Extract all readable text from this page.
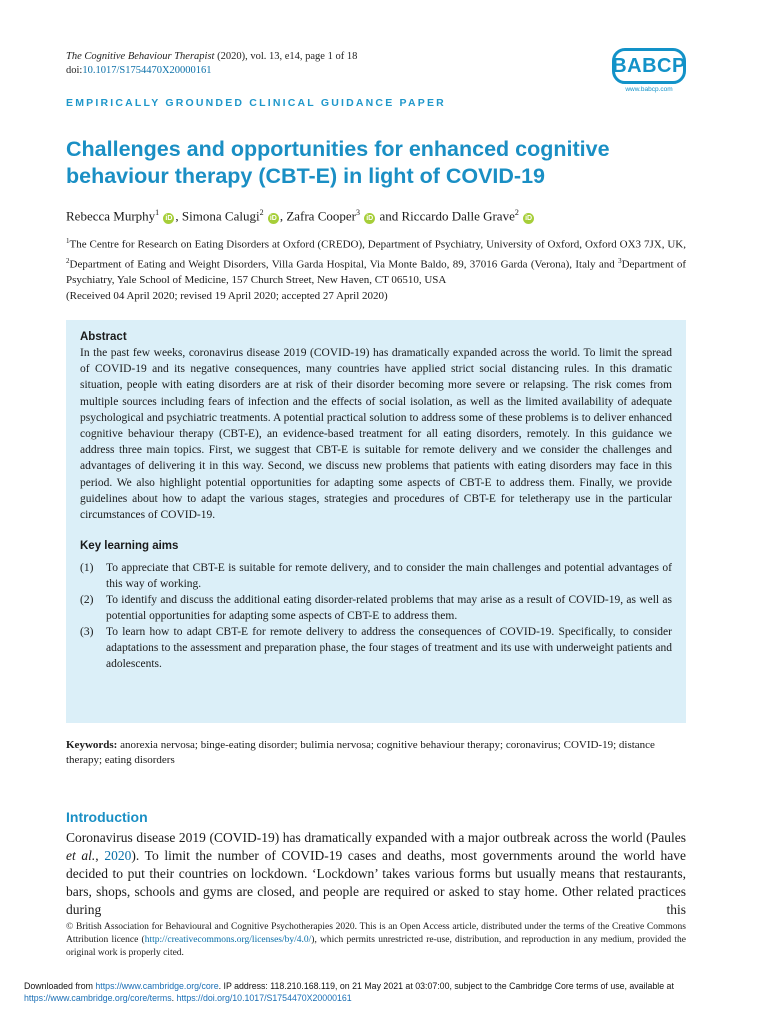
The Cognitive Behaviour Therapist (2020), vol. 13, e14, page 1 of 18
doi:10.1017/S1754470X20000161	BABCP
www.babcp.com
EMPIRICALLY GROUNDED CLINICAL GUIDANCE PAPER
Challenges and opportunities for enhanced cognitive behaviour therapy (CBT-E) in light of COVID-19
Rebecca Murphy$^1$ iD , Simona Calugi$^2$ iD , Zafra Cooper$^3$ iD and Riccardo Dalle Grave$^2$ iD
$^1$The Centre for Research on Eating Disorders at Oxford (CREDO), Department of Psychiatry, University of Oxford, Oxford OX3 7JX, UK, $^2$Department of Eating and Weight Disorders, Villa Garda Hospital, Via Monte Baldo, 89, 37016 Garda (Verona), Italy and $^3$Department of Psychiatry, Yale School of Medicine, 157 Church Street, New Haven, CT 06510, USA
(Received 04 April 2020; revised 19 April 2020; accepted 27 April 2020)
Abstract
In the past few weeks, coronavirus disease 2019 (COVID-19) has dramatically expanded across the world. To limit the spread of COVID-19 and its negative consequences, many countries have applied strict social distancing rules. In this dramatic situation, people with eating disorders are at risk of their disorder becoming more severe or relapsing. The risk comes from multiple sources including fears of infection and the effects of social isolation, as well as the limited availability of adequate psychological and psychiatric treatments. A potential practical solution to address some of these problems is to deliver enhanced cognitive behaviour therapy (CBT-E), an evidence-based treatment for all eating disorders, remotely. In this guidance we address three main topics. First, we suggest that CBT-E is suitable for remote delivery and we consider the challenges and advantages of delivering it in this way. Second, we discuss new problems that patients with eating disorders may face in this period. We also highlight potential opportunities for adapting some aspects of CBT-E to address them. Finally, we provide guidelines about how to adapt the various stages, strategies and procedures of CBT-E for teletherapy use in the particular circumstances of COVID-19.
Key learning aims
(1)	To appreciate that CBT-E is suitable for remote delivery, and to consider the main challenges and potential advantages of this way of working.
(2)	To identify and discuss the additional eating disorder-related problems that may arise as a result of COVID-19, as well as potential opportunities for adapting some aspects of CBT-E to address them.
(3)	To learn how to adapt CBT-E for remote delivery to address the consequences of COVID-19. Specifically, to consider adaptations to the assessment and preparation phase, the four stages of treatment and its use with underweight patients and adolescents.
Keywords: anorexia nervosa; binge-eating disorder; bulimia nervosa; cognitive behaviour therapy; coronavirus; COVID-19; distance therapy; eating disorders
Introduction
Coronavirus disease 2019 (COVID-19) has dramatically expanded with a major outbreak across the world (Paules et al., 2020). To limit the number of COVID-19 cases and deaths, most governments around the world have decided to put their countries on lockdown. ‘Lockdown’ takes various forms but usually means that restaurants, bars, shops, schools and gyms are closed, and people are required or asked to stay home. Other related practices during this
© British Association for Behavioural and Cognitive Psychotherapies 2020. This is an Open Access article, distributed under the terms of the Creative Commons Attribution licence (http://creativecommons.org/licenses/by/4.0/), which permits unrestricted re-use, distribution, and reproduction in any medium, provided the original work is properly cited.
Downloaded from https://www.cambridge.org/core. IP address: 118.210.168.119, on 21 May 2021 at 03:07:00, subject to the Cambridge Core terms of use, available at https://www.cambridge.org/core/terms. https://doi.org/10.1017/S1754470X20000161
